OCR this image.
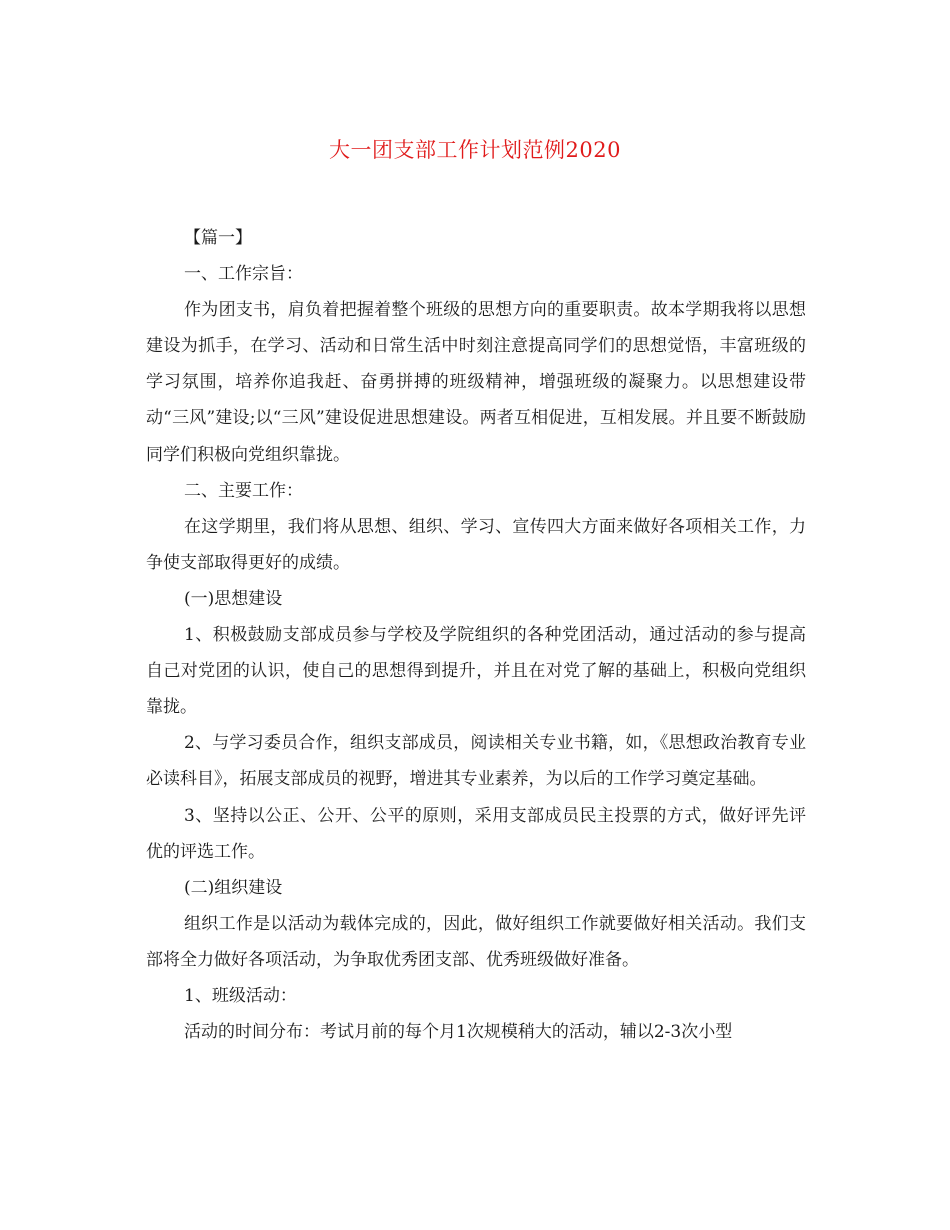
大一团支部工作计划范例2020

【篇一】

一、工作宗旨：

作为团支书，肩负着把握着整个班级的思想方向的重要职责。故本学期我将以思想建设为抓手，在学习、活动和日常生活中时刻注意提高同学们的思想觉悟，丰富班级的学习氛围，培养你追我赶、奋勇拼搏的班级精神，增强班级的凝聚力。以思想建设带动“三风”建设;以“三风”建设促进思想建设。两者互相促进，互相发展。并且要不断鼓励同学们积极向党组织靠拢。

二、主要工作：

在这学期里，我们将从思想、组织、学习、宣传四大方面来做好各项相关工作，力争使支部取得更好的成绩。

(一)思想建设

1、积极鼓励支部成员参与学校及学院组织的各种党团活动，通过活动的参与提高自己对党团的认识，使自己的思想得到提升，并且在对党了解的基础上，积极向党组织靠拢。

2、与学习委员合作，组织支部成员，阅读相关专业书籍，如，《思想政治教育专业必读科目》，拓展支部成员的视野，增进其专业素养，为以后的工作学习奠定基础。

3、坚持以公正、公开、公平的原则，采用支部成员民主投票的方式，做好评先评优的评选工作。

(二)组织建设

组织工作是以活动为载体完成的，因此，做好组织工作就要做好相关活动。我们支部将全力做好各项活动，为争取优秀团支部、优秀班级做好准备。

1、班级活动：

活动的时间分布：考试月前的每个月1次规模稍大的活动，辅以2-3次小型
